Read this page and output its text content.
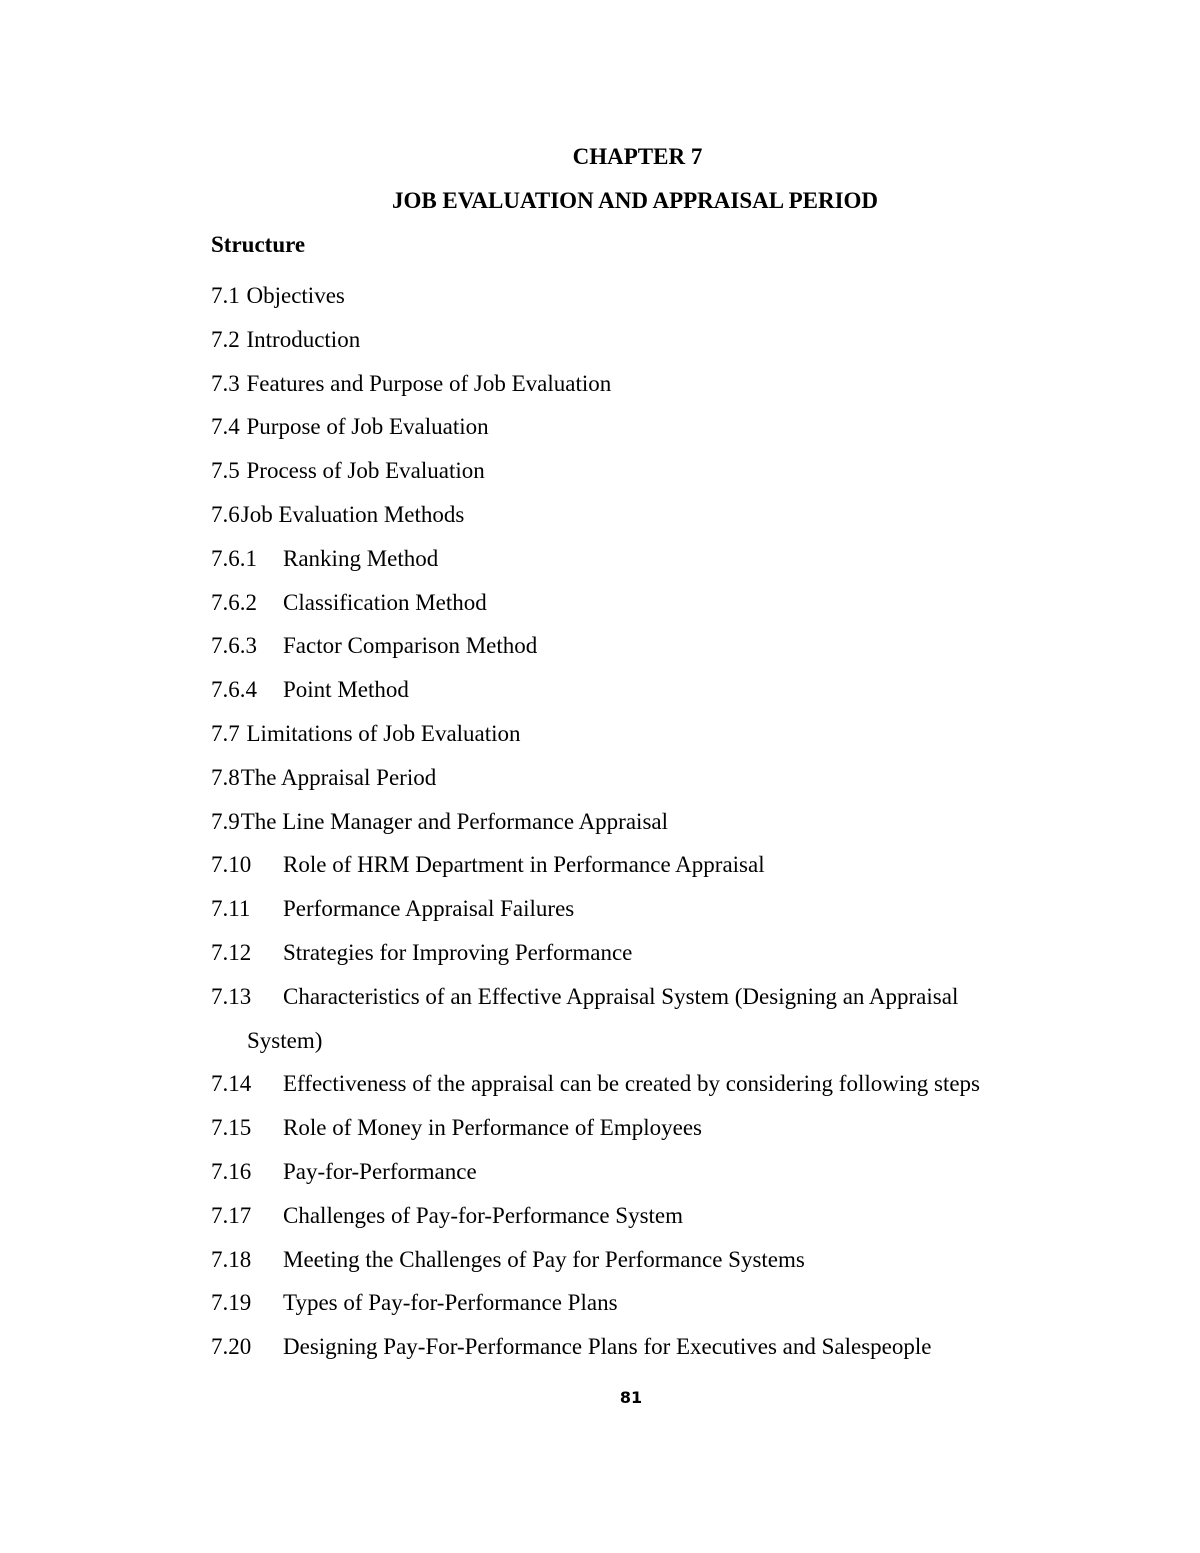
CHAPTER 7
JOB EVALUATION AND APPRAISAL PERIOD
Structure
7.1 Objectives
7.2 Introduction
7.3 Features and Purpose of Job Evaluation
7.4 Purpose of Job Evaluation
7.5 Process of Job Evaluation
7.6Job Evaluation Methods
7.6.1 Ranking Method
7.6.2 Classification Method
7.6.3 Factor Comparison Method
7.6.4 Point Method
7.7 Limitations of Job Evaluation
7.8The Appraisal Period
7.9The Line Manager and Performance Appraisal
7.10 Role of HRM Department in Performance Appraisal
7.11 Performance Appraisal Failures
7.12 Strategies for Improving Performance
7.13 Characteristics of an Effective Appraisal System (Designing an Appraisal
System)
7.14 Effectiveness of the appraisal can be created by considering following steps
7.15 Role of Money in Performance of Employees
7.16 Pay-for-Performance
7.17 Challenges of Pay-for-Performance System
7.18 Meeting the Challenges of Pay for Performance Systems
7.19 Types of Pay-for-Performance Plans
7.20 Designing Pay-For-Performance Plans for Executives and Salespeople
81
